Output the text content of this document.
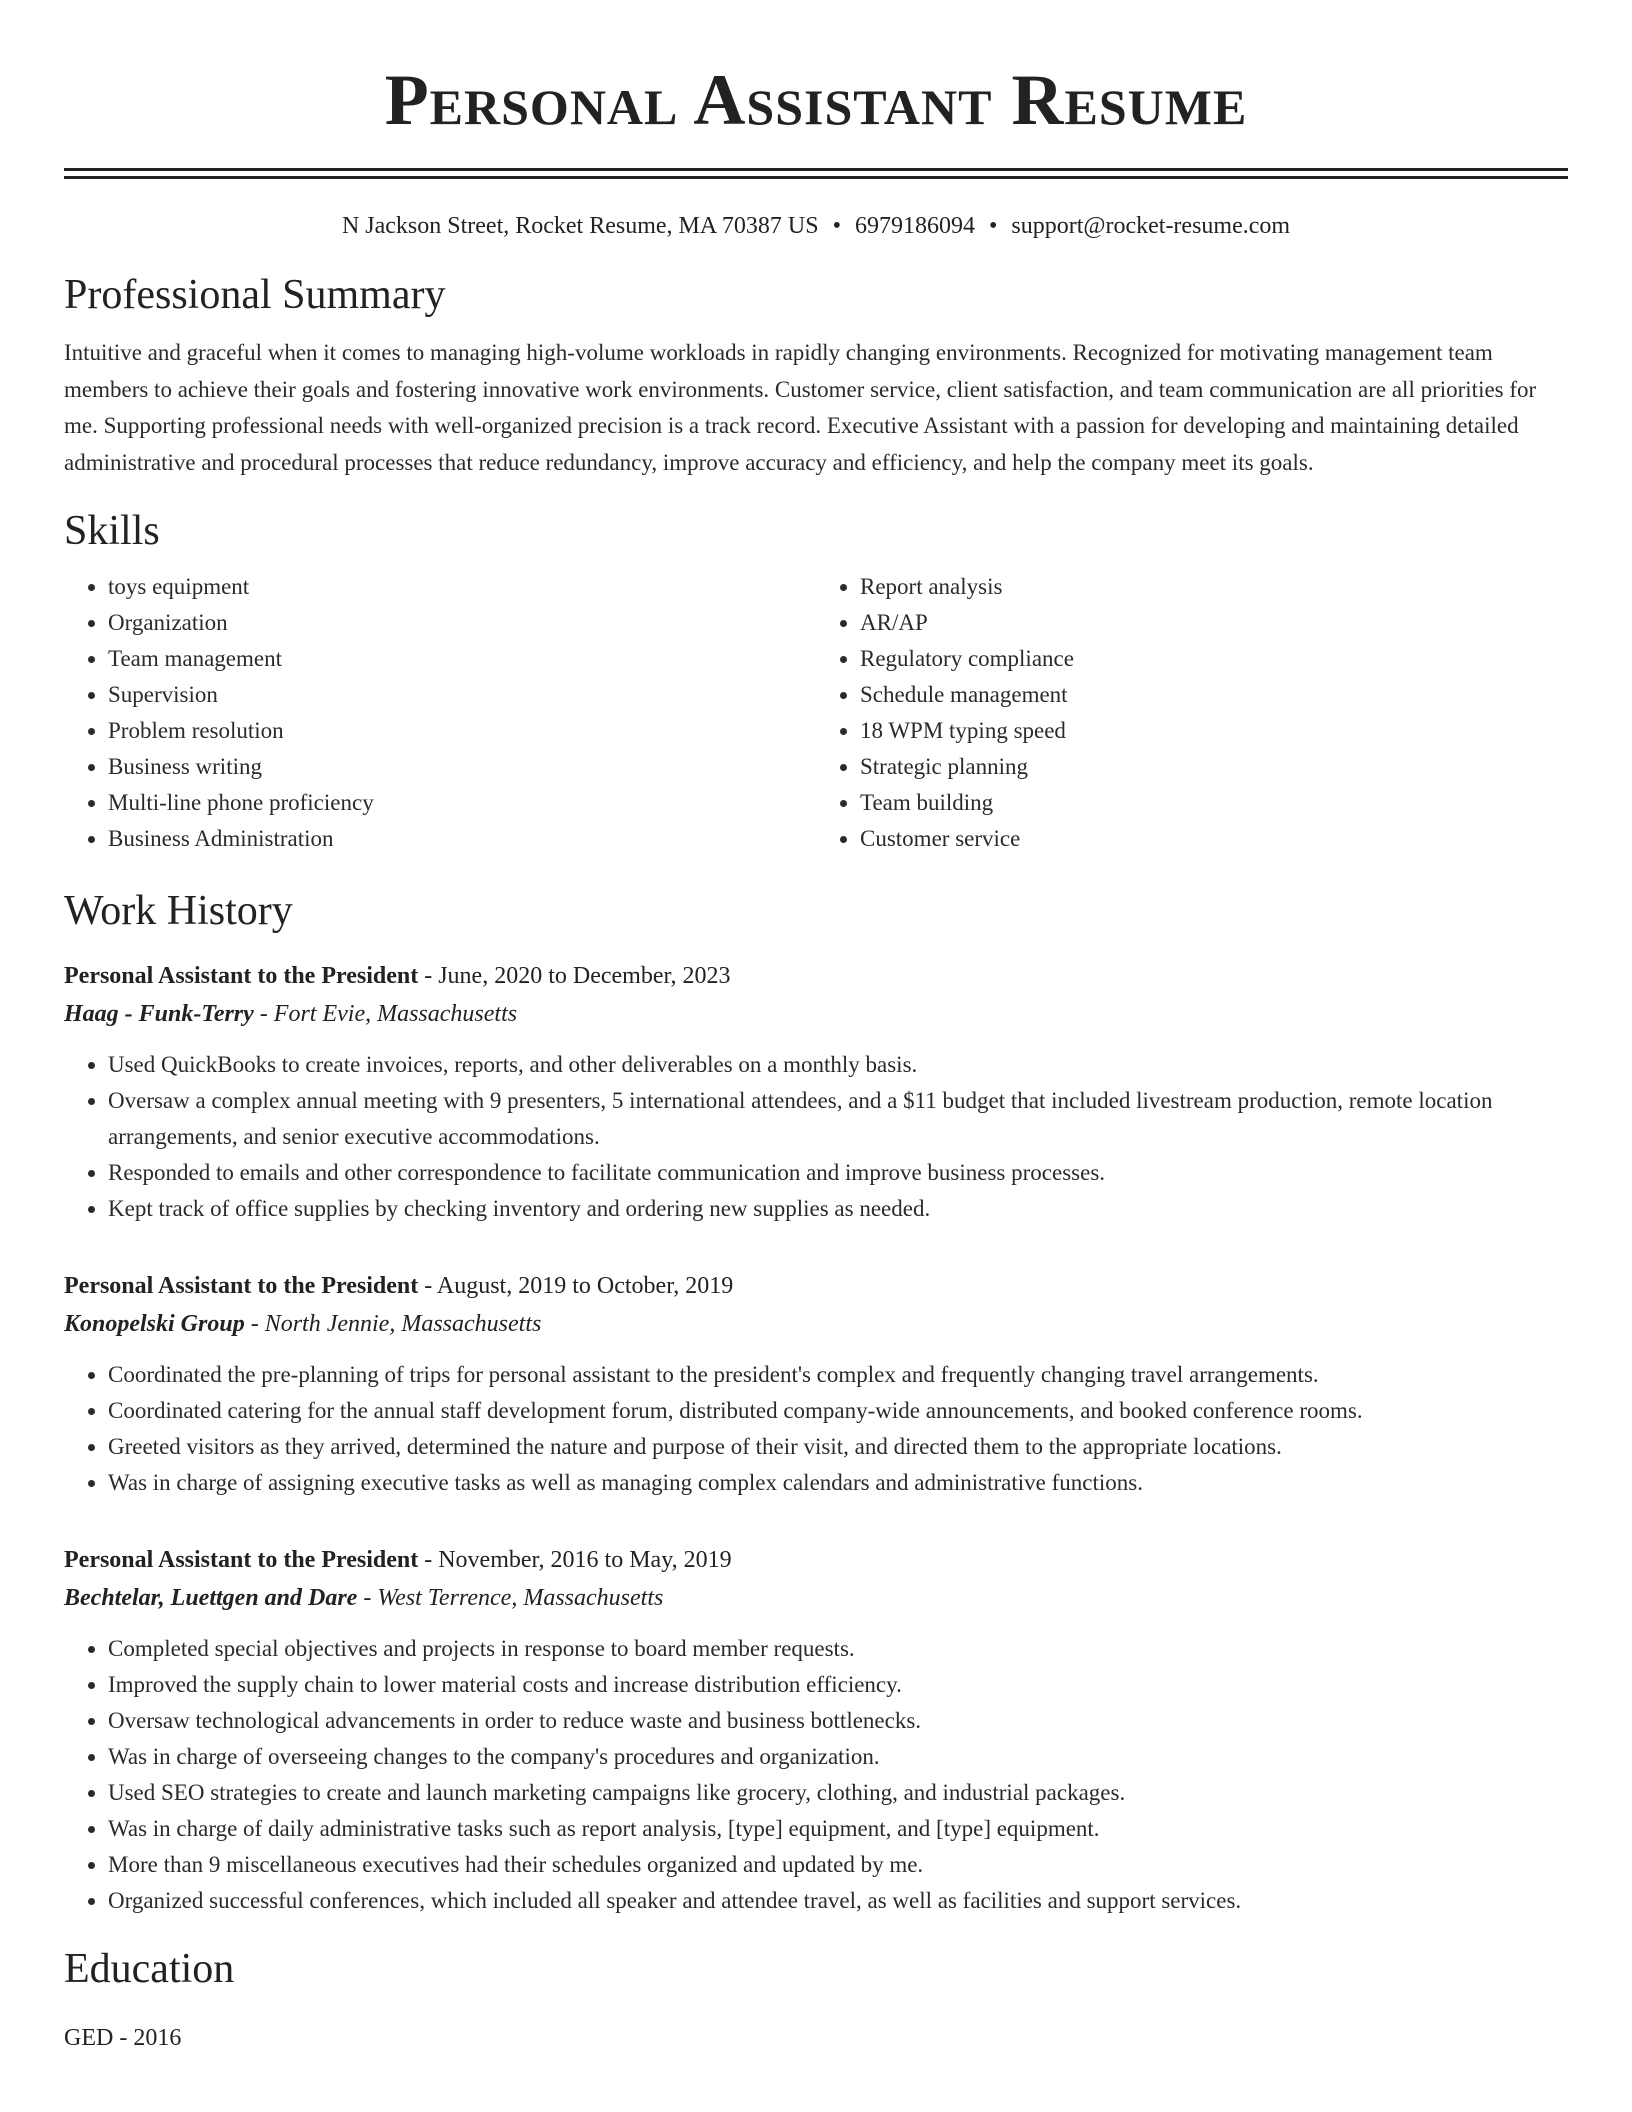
Personal Assistant Resume
N Jackson Street, Rocket Resume, MA 70387 US • 6979186094 • support@rocket-resume.com
Professional Summary

Intuitive and graceful when it comes to managing high-volume workloads in rapidly changing environments. Recognized for motivating management team members to achieve their goals and fostering innovative work environments. Customer service, client satisfaction, and team communication are all priorities for me. Supporting professional needs with well-organized precision is a track record. Executive Assistant with a passion for developing and maintaining detailed administrative and procedural processes that reduce redundancy, improve accuracy and efficiency, and help the company meet its goals.

Skills
• toys equipment
• Organization
• Team management
• Supervision
• Problem resolution
• Business writing
• Multi-line phone proficiency
• Business Administration
• Report analysis
• AR/AP
• Regulatory compliance
• Schedule management
• 18 WPM typing speed
• Strategic planning
• Team building
• Customer service
Work History
Personal Assistant to the President - June, 2020 to December, 2023
Haag - Funk-Terry - Fort Evie, Massachusetts
• Used QuickBooks to create invoices, reports, and other deliverables on a monthly basis.
• Oversaw a complex annual meeting with 9 presenters, 5 international attendees, and a $11 budget that included livestream production, remote location arrangements, and senior executive accommodations.
• Responded to emails and other correspondence to facilitate communication and improve business processes.
• Kept track of office supplies by checking inventory and ordering new supplies as needed.
Personal Assistant to the President - August, 2019 to October, 2019
Konopelski Group - North Jennie, Massachusetts
• Coordinated the pre-planning of trips for personal assistant to the president's complex and frequently changing travel arrangements.
• Coordinated catering for the annual staff development forum, distributed company-wide announcements, and booked conference rooms.
• Greeted visitors as they arrived, determined the nature and purpose of their visit, and directed them to the appropriate locations.
• Was in charge of assigning executive tasks as well as managing complex calendars and administrative functions.
Personal Assistant to the President - November, 2016 to May, 2019
Bechtelar, Luettgen and Dare - West Terrence, Massachusetts
• Completed special objectives and projects in response to board member requests.
• Improved the supply chain to lower material costs and increase distribution efficiency.
• Oversaw technological advancements in order to reduce waste and business bottlenecks.
• Was in charge of overseeing changes to the company's procedures and organization.
• Used SEO strategies to create and launch marketing campaigns like grocery, clothing, and industrial packages.
• Was in charge of daily administrative tasks such as report analysis, [type] equipment, and [type] equipment.
• More than 9 miscellaneous executives had their schedules organized and updated by me.
• Organized successful conferences, which included all speaker and attendee travel, as well as facilities and support services.
Education
GED - 2016
